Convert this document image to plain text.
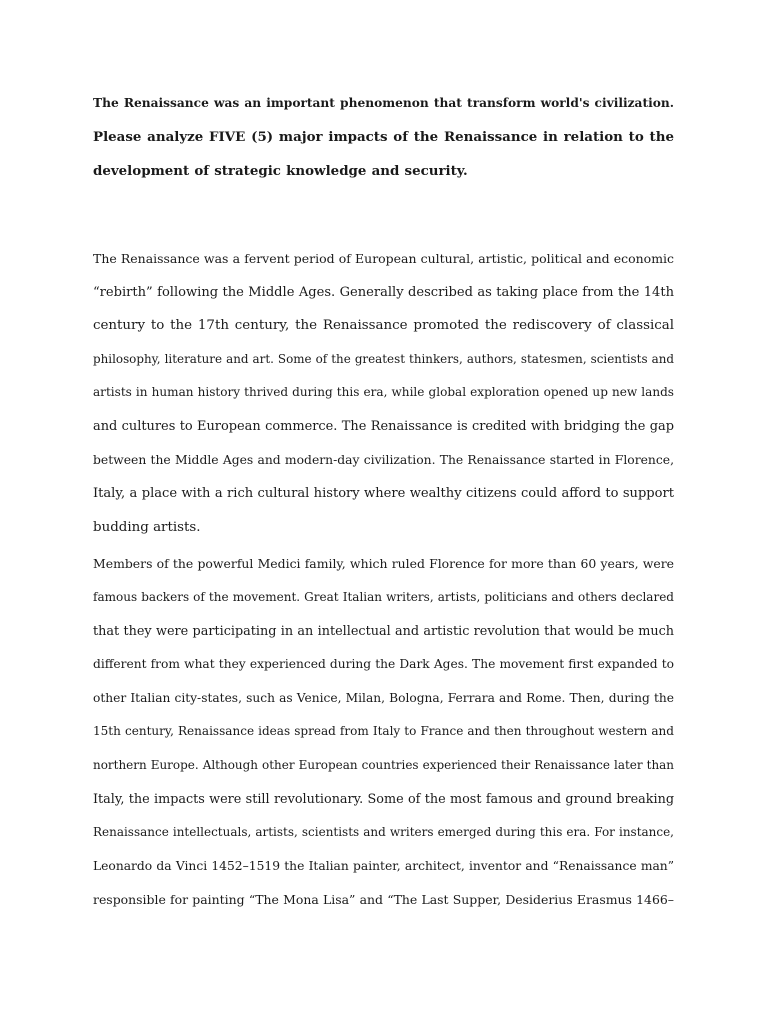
The Renaissance was an important phenomenon that transform world's civilization.
Please analyze FIVE (5) major impacts of the Renaissance in relation to the
development of strategic knowledge and security.
The Renaissance was a fervent period of European cultural, artistic, political and economic
“rebirth” following the Middle Ages. Generally described as taking place from the 14th
century to the 17th century, the Renaissance promoted the rediscovery of classical
philosophy, literature and art. Some of the greatest thinkers, authors, statesmen, scientists and
artists in human history thrived during this era, while global exploration opened up new lands
and cultures to European commerce. The Renaissance is credited with bridging the gap
between the Middle Ages and modern-day civilization. The Renaissance started in Florence,
Italy, a place with a rich cultural history where wealthy citizens could afford to support
budding artists.
Members of the powerful Medici family, which ruled Florence for more than 60 years, were
famous backers of the movement. Great Italian writers, artists, politicians and others declared
that they were participating in an intellectual and artistic revolution that would be much
different from what they experienced during the Dark Ages. The movement first expanded to
other Italian city-states, such as Venice, Milan, Bologna, Ferrara and Rome. Then, during the
15th century, Renaissance ideas spread from Italy to France and then throughout western and
northern Europe. Although other European countries experienced their Renaissance later than
Italy, the impacts were still revolutionary. Some of the most famous and ground breaking
Renaissance intellectuals, artists, scientists and writers emerged during this era. For instance,
Leonardo da Vinci 1452–1519 the Italian painter, architect, inventor and “Renaissance man”
responsible for painting “The Mona Lisa” and “The Last Supper, Desiderius Erasmus 1466–
